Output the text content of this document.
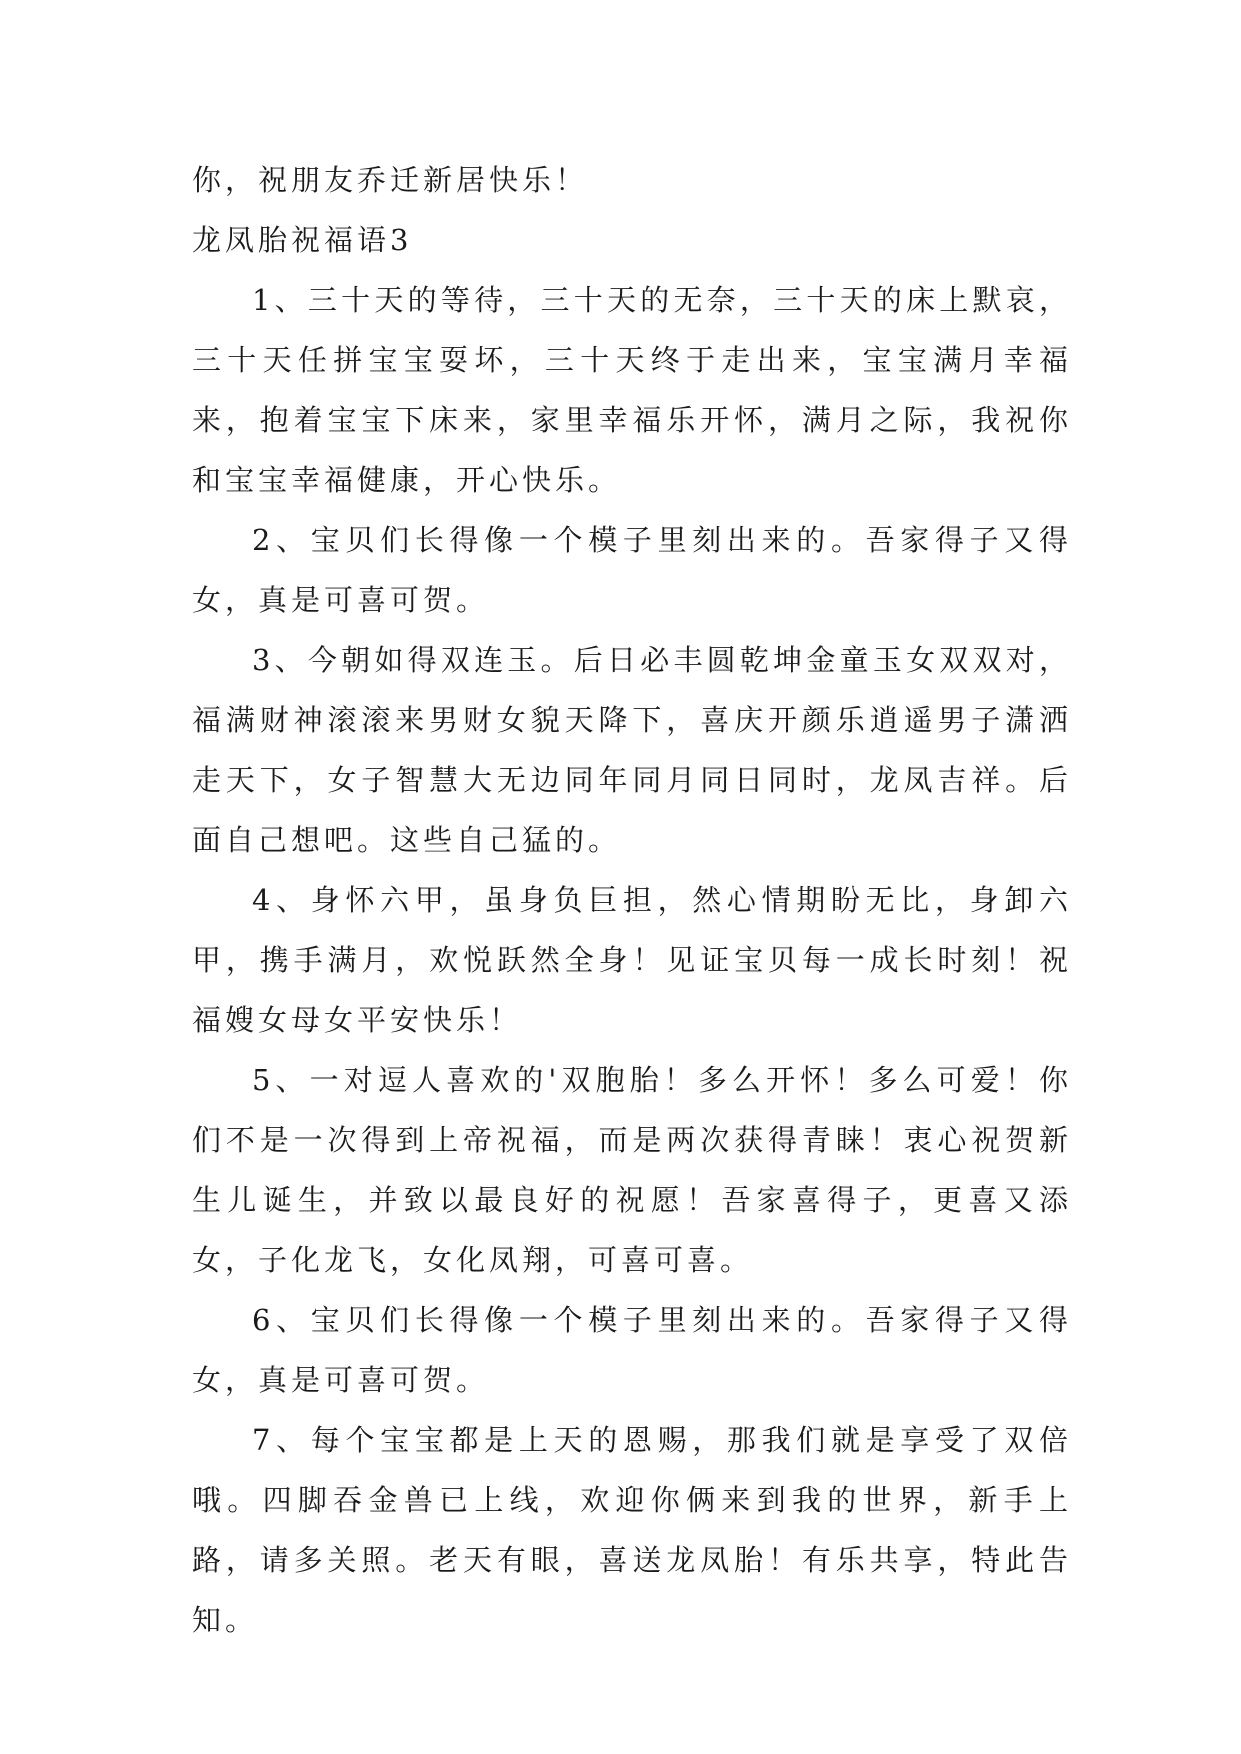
你，祝朋友乔迁新居快乐！

龙凤胎祝福语3

1、三十天的等待，三十天的无奈，三十天的床上默哀，三十天任拼宝宝耍坏，三十天终于走出来，宝宝满月幸福来，抱着宝宝下床来，家里幸福乐开怀，满月之际，我祝你和宝宝幸福健康，开心快乐。

2、宝贝们长得像一个模子里刻出来的。吾家得子又得女，真是可喜可贺。

3、今朝如得双连玉。后日必丰圆乾坤金童玉女双双对，福满财神滚滚来男财女貌天降下，喜庆开颜乐逍遥男子潇洒走天下，女子智慧大无边同年同月同日同时，龙凤吉祥。后面自己想吧。这些自己猛的。

4、身怀六甲，虽身负巨担，然心情期盼无比，身卸六甲，携手满月，欢悦跃然全身！见证宝贝每一成长时刻！祝福嫂女母女平安快乐！

5、一对逗人喜欢的'双胞胎！多么开怀！多么可爱！你们不是一次得到上帝祝福，而是两次获得青睐！衷心祝贺新生儿诞生，并致以最良好的祝愿！吾家喜得子，更喜又添女，子化龙飞，女化凤翔，可喜可喜。

6、宝贝们长得像一个模子里刻出来的。吾家得子又得女，真是可喜可贺。

7、每个宝宝都是上天的恩赐，那我们就是享受了双倍哦。四脚吞金兽已上线，欢迎你俩来到我的世界，新手上路，请多关照。老天有眼，喜送龙凤胎！有乐共享，特此告知。
